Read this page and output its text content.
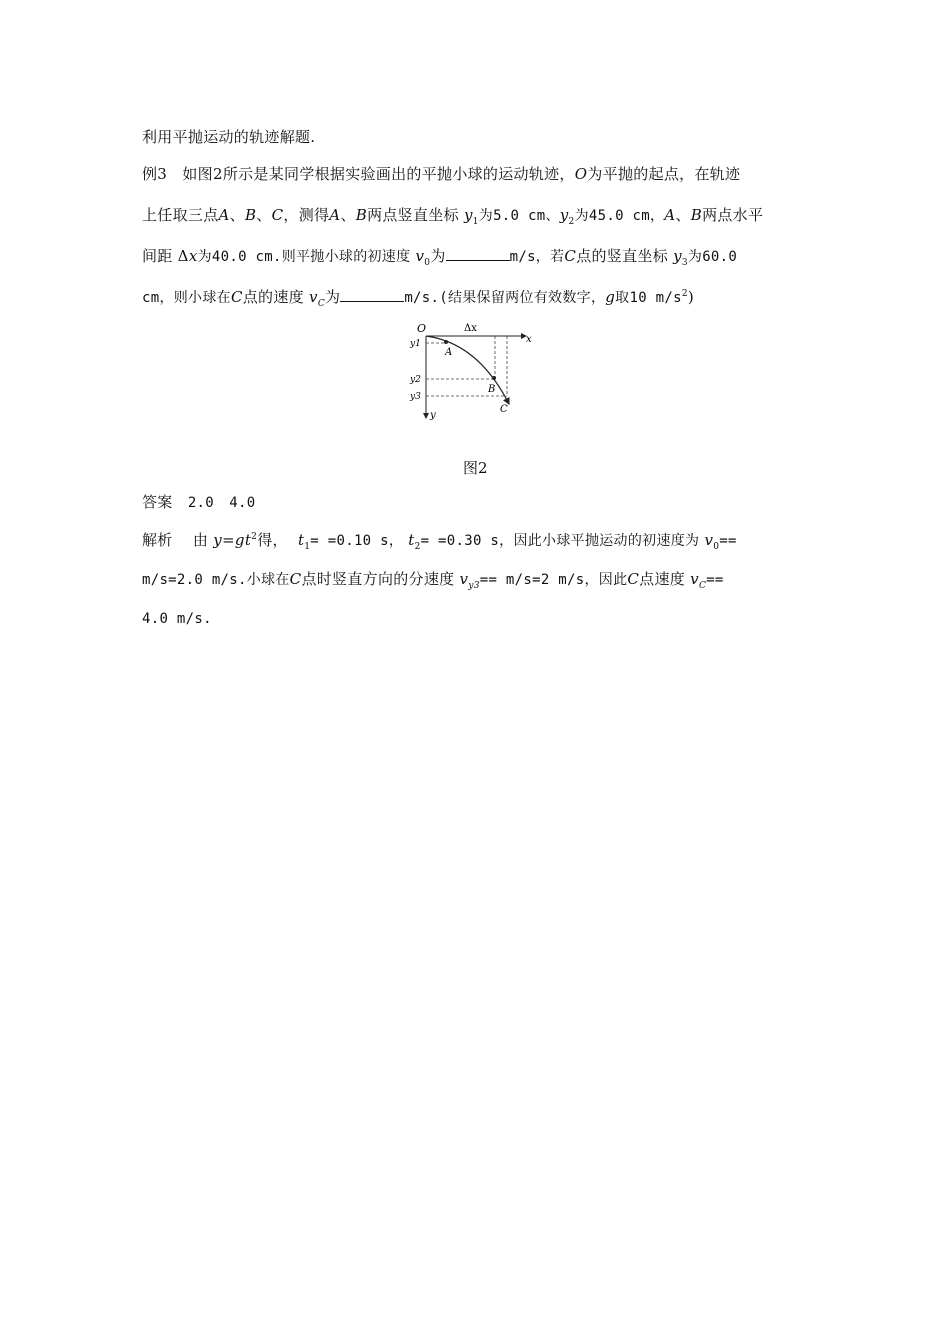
利用平抛运动的轨迹解题.
例3 如图2所示是某同学根据实验画出的平抛小球的运动轨迹，O为平抛的起点，在轨迹
上任取三点A、B、C，测得A、B两点竖直坐标 $y_1$为5.0 cm、$y_2$为45.0 cm，A、B两点水平
间距 Δx为40.0 cm.则平抛小球的初速度 $v_0$为	m/s，若C点的竖直坐标 $y_3$为60.0
cm，则小球在C点的速度 $v_C$为	m/s.(结果保留两位有效数字，g取10 $m/s^2$)
O	Δx
x
y
y1
y2
y3
A
B
C
图2
答案 2.0 4.0
解析 由 $y=gt^2$得， $t_1= =0.10$ s， $t_2= =0.30$ s，因此小球平抛运动的初速度为 $v_0==$
m/s=2.0 m/s.小球在C点时竖直方向的分速度 $v_{y3}== m/s=2$ m/s，因此C点速度 $v_C==$
4.0 m/s.
